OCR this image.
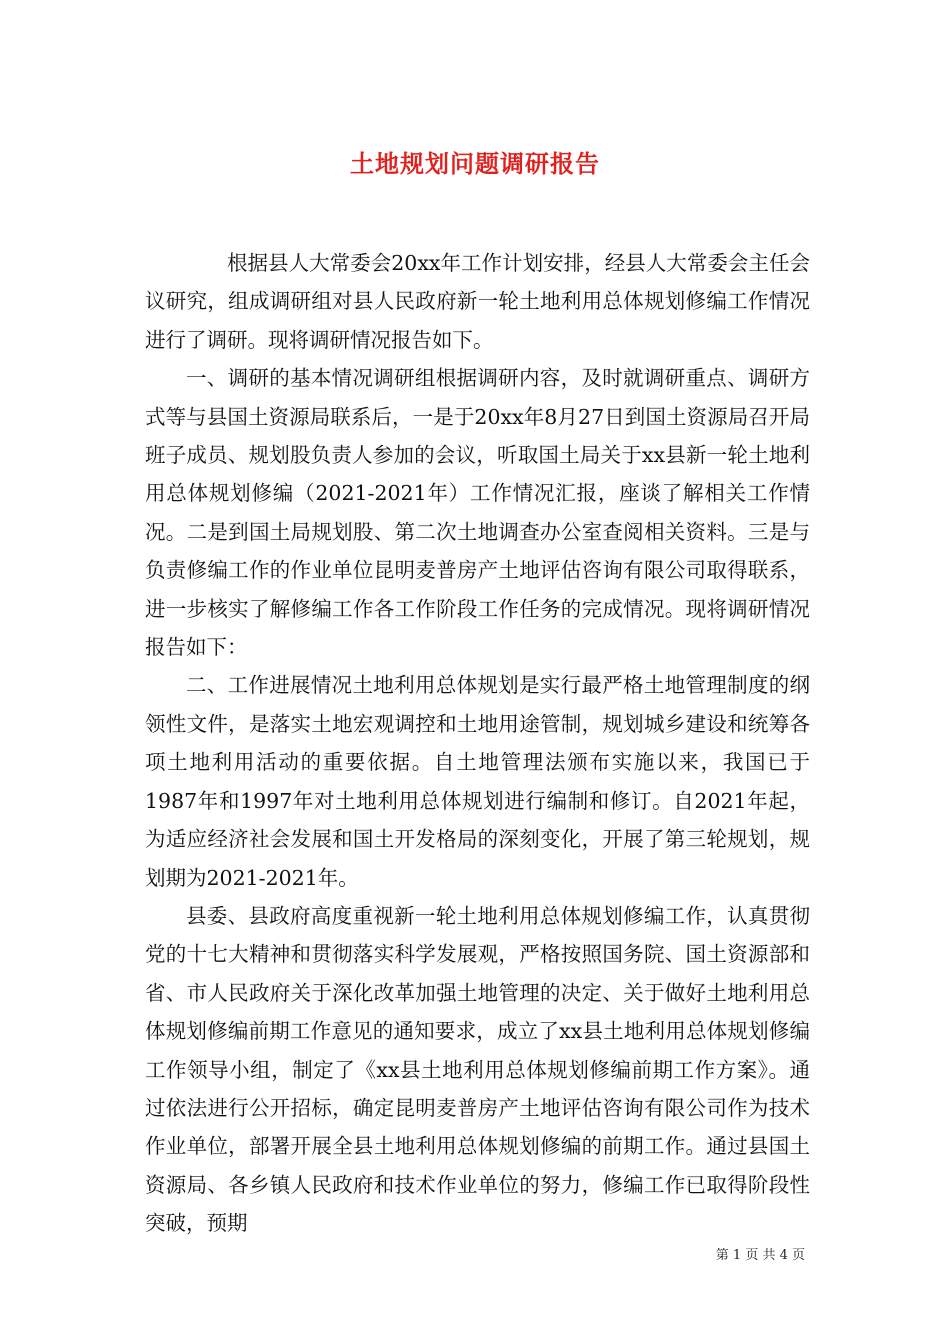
土地规划问题调研报告

根据县人大常委会20xx年工作计划安排，经县人大常委会主任会议研究，组成调研组对县人民政府新一轮土地利用总体规划修编工作情况进行了调研。现将调研情况报告如下。

一、调研的基本情况调研组根据调研内容，及时就调研重点、调研方式等与县国土资源局联系后，一是于20xx年8月27日到国土资源局召开局班子成员、规划股负责人参加的会议，听取国土局关于xx县新一轮土地利用总体规划修编（2021-2021年）工作情况汇报，座谈了解相关工作情况。二是到国土局规划股、第二次土地调查办公室查阅相关资料。三是与负责修编工作的作业单位昆明麦普房产土地评估咨询有限公司取得联系，进一步核实了解修编工作各工作阶段工作任务的完成情况。现将调研情况报告如下：

二、工作进展情况土地利用总体规划是实行最严格土地管理制度的纲领性文件，是落实土地宏观调控和土地用途管制，规划城乡建设和统筹各项土地利用活动的重要依据。自土地管理法颁布实施以来，我国已于1987年和1997年对土地利用总体规划进行编制和修订。自2021年起，为适应经济社会发展和国土开发格局的深刻变化，开展了第三轮规划，规划期为2021-2021年。

县委、县政府高度重视新一轮土地利用总体规划修编工作，认真贯彻党的十七大精神和贯彻落实科学发展观，严格按照国务院、国土资源部和省、市人民政府关于深化改革加强土地管理的决定、关于做好土地利用总体规划修编前期工作意见的通知要求，成立了xx县土地利用总体规划修编工作领导小组，制定了《xx县土地利用总体规划修编前期工作方案》。通过依法进行公开招标，确定昆明麦普房产土地评估咨询有限公司作为技术作业单位，部署开展全县土地利用总体规划修编的前期工作。通过县国土资源局、各乡镇人民政府和技术作业单位的努力，修编工作已取得阶段性突破，预期

第 1 页 共 4 页
